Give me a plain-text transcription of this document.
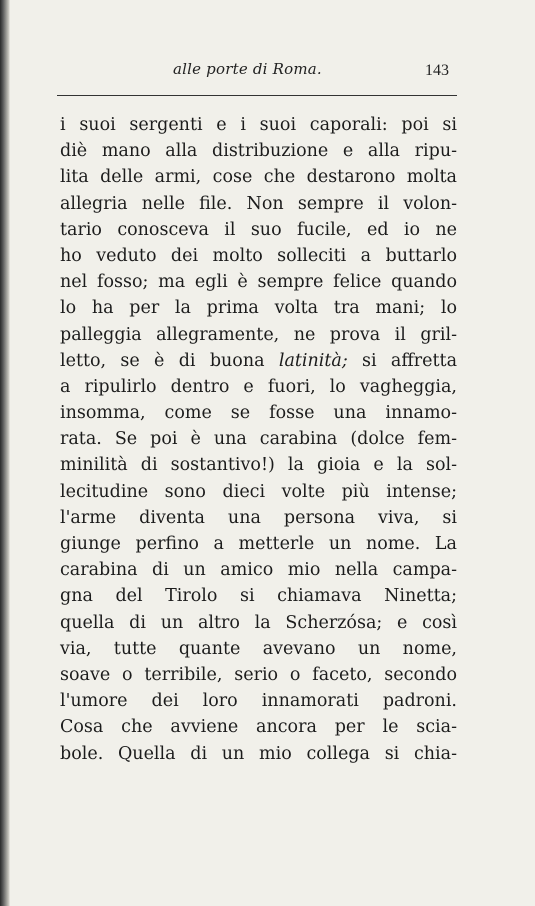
alle porte di Roma.	143
i suoi sergenti e i suoi caporali: poi si
diè mano alla distribuzione e alla ripu-
lita delle armi, cose che destarono molta
allegria nelle file. Non sempre il volon-
tario conosceva il suo fucile, ed io ne
ho veduto dei molto solleciti a buttarlo
nel fosso; ma egli è sempre felice quando
lo ha per la prima volta tra mani; lo
palleggia allegramente, ne prova il gril-
letto, se è di buona latinità; si affretta
a ripulirlo dentro e fuori, lo vagheggia,
insomma, come se fosse una innamo-
rata. Se poi è una carabina (dolce fem-
minilità di sostantivo!) la gioia e la sol-
lecitudine sono dieci volte più intense;
l'arme diventa una persona viva, si
giunge perfino a metterle un nome. La
carabina di un amico mio nella campa-
gna del Tirolo si chiamava Ninetta;
quella di un altro la Scherzósa; e così
via, tutte quante avevano un nome,
soave o terribile, serio o faceto, secondo
l'umore dei loro innamorati padroni.
Cosa che avviene ancora per le scia-
bole. Quella di un mio collega si chia-
